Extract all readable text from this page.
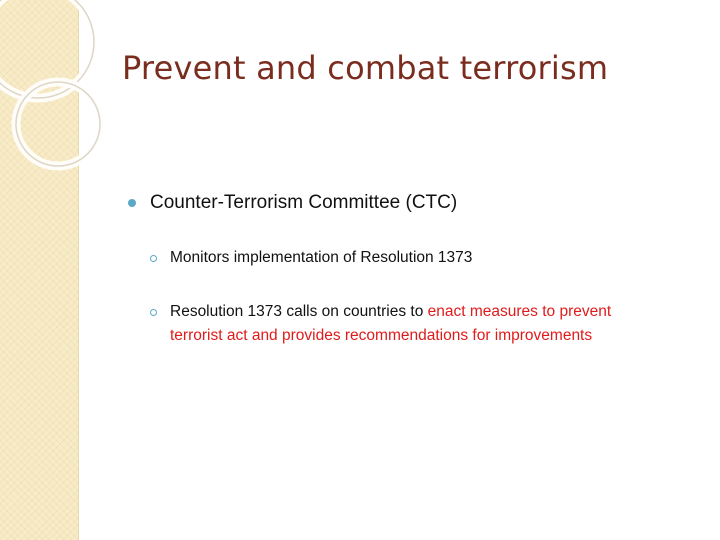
Prevent and combat terrorism
Counter-Terrorism Committee (CTC)
Monitors implementation of Resolution 1373
Resolution 1373 calls on countries to enact measures to prevent terrorist act and provides recommendations for improvements
